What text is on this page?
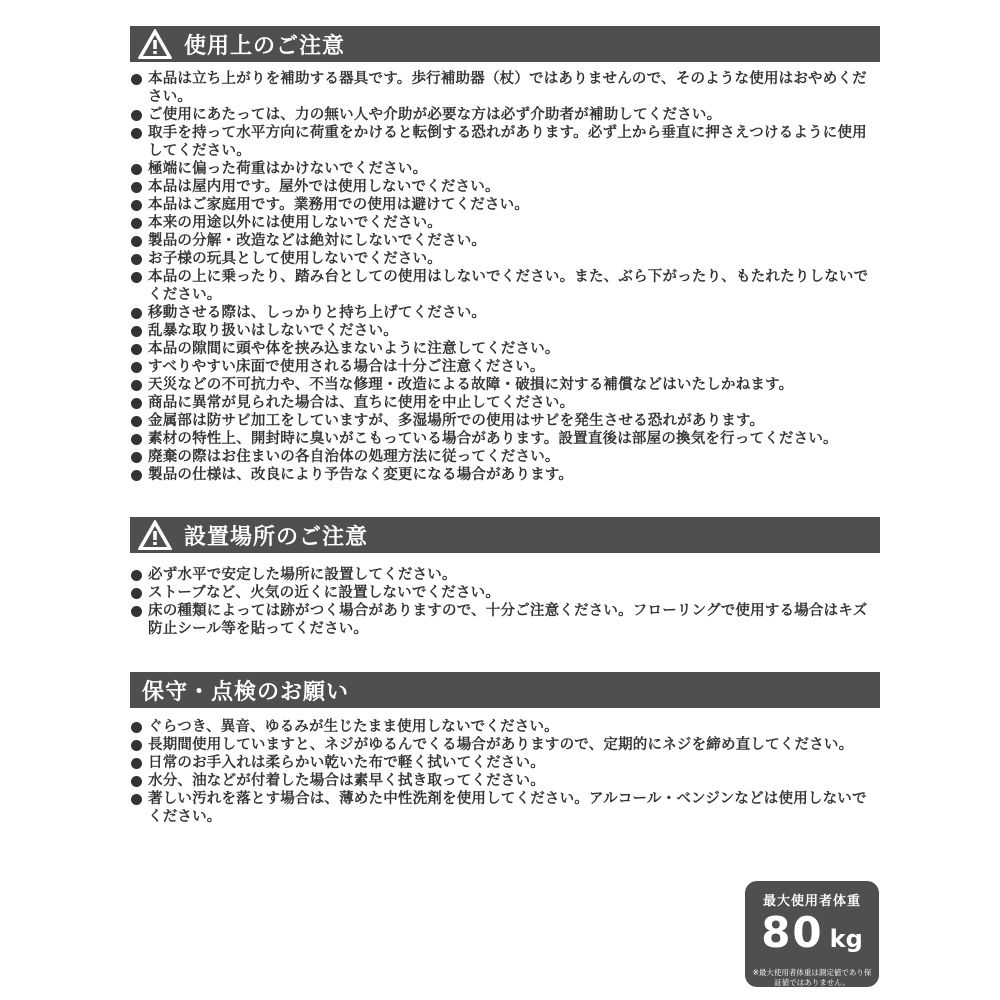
使用上のご注意
本品は立ち上がりを補助する器具です。歩行補助器（杖）ではありませんので、そのような使用はおやめください。
ご使用にあたっては、力の無い人や介助が必要な方は必ず介助者が補助してください。
取手を持って水平方向に荷重をかけると転倒する恐れがあります。必ず上から垂直に押さえつけるように使用してください。
極端に偏った荷重はかけないでください。
本品は屋内用です。屋外では使用しないでください。
本品はご家庭用です。業務用での使用は避けてください。
本来の用途以外には使用しないでください。
製品の分解・改造などは絶対にしないでください。
お子様の玩具として使用しないでください。
本品の上に乗ったり、踏み台としての使用はしないでください。また、ぶら下がったり、もたれたりしないでください。
移動させる際は、しっかりと持ち上げてください。
乱暴な取り扱いはしないでください。
本品の隙間に頭や体を挟み込まないように注意してください。
すべりやすい床面で使用される場合は十分ご注意ください。
天災などの不可抗力や、不当な修理・改造による故障・破損に対する補償などはいたしかねます。
商品に異常が見られた場合は、直ちに使用を中止してください。
金属部は防サビ加工をしていますが、多湿場所での使用はサビを発生させる恐れがあります。
素材の特性上、開封時に臭いがこもっている場合があります。設置直後は部屋の換気を行ってください。
廃棄の際はお住まいの各自治体の処理方法に従ってください。
製品の仕様は、改良により予告なく変更になる場合があります。
設置場所のご注意
必ず水平で安定した場所に設置してください。
ストーブなど、火気の近くに設置しないでください。
床の種類によっては跡がつく場合がありますので、十分ご注意ください。フローリングで使用する場合はキズ防止シール等を貼ってください。
保守・点検のお願い
ぐらつき、異音、ゆるみが生じたまま使用しないでください。
長期間使用していますと、ネジがゆるんでくる場合がありますので、定期的にネジを締め直してください。
日常のお手入れは柔らかい乾いた布で軽く拭いてください。
水分、油などが付着した場合は素早く拭き取ってください。
著しい汚れを落とす場合は、薄めた中性洗剤を使用してください。アルコール・ベンジンなどは使用しないでください。
最大使用者体重
80 kg
※最大使用者体重は測定値であり保証値ではありません。
